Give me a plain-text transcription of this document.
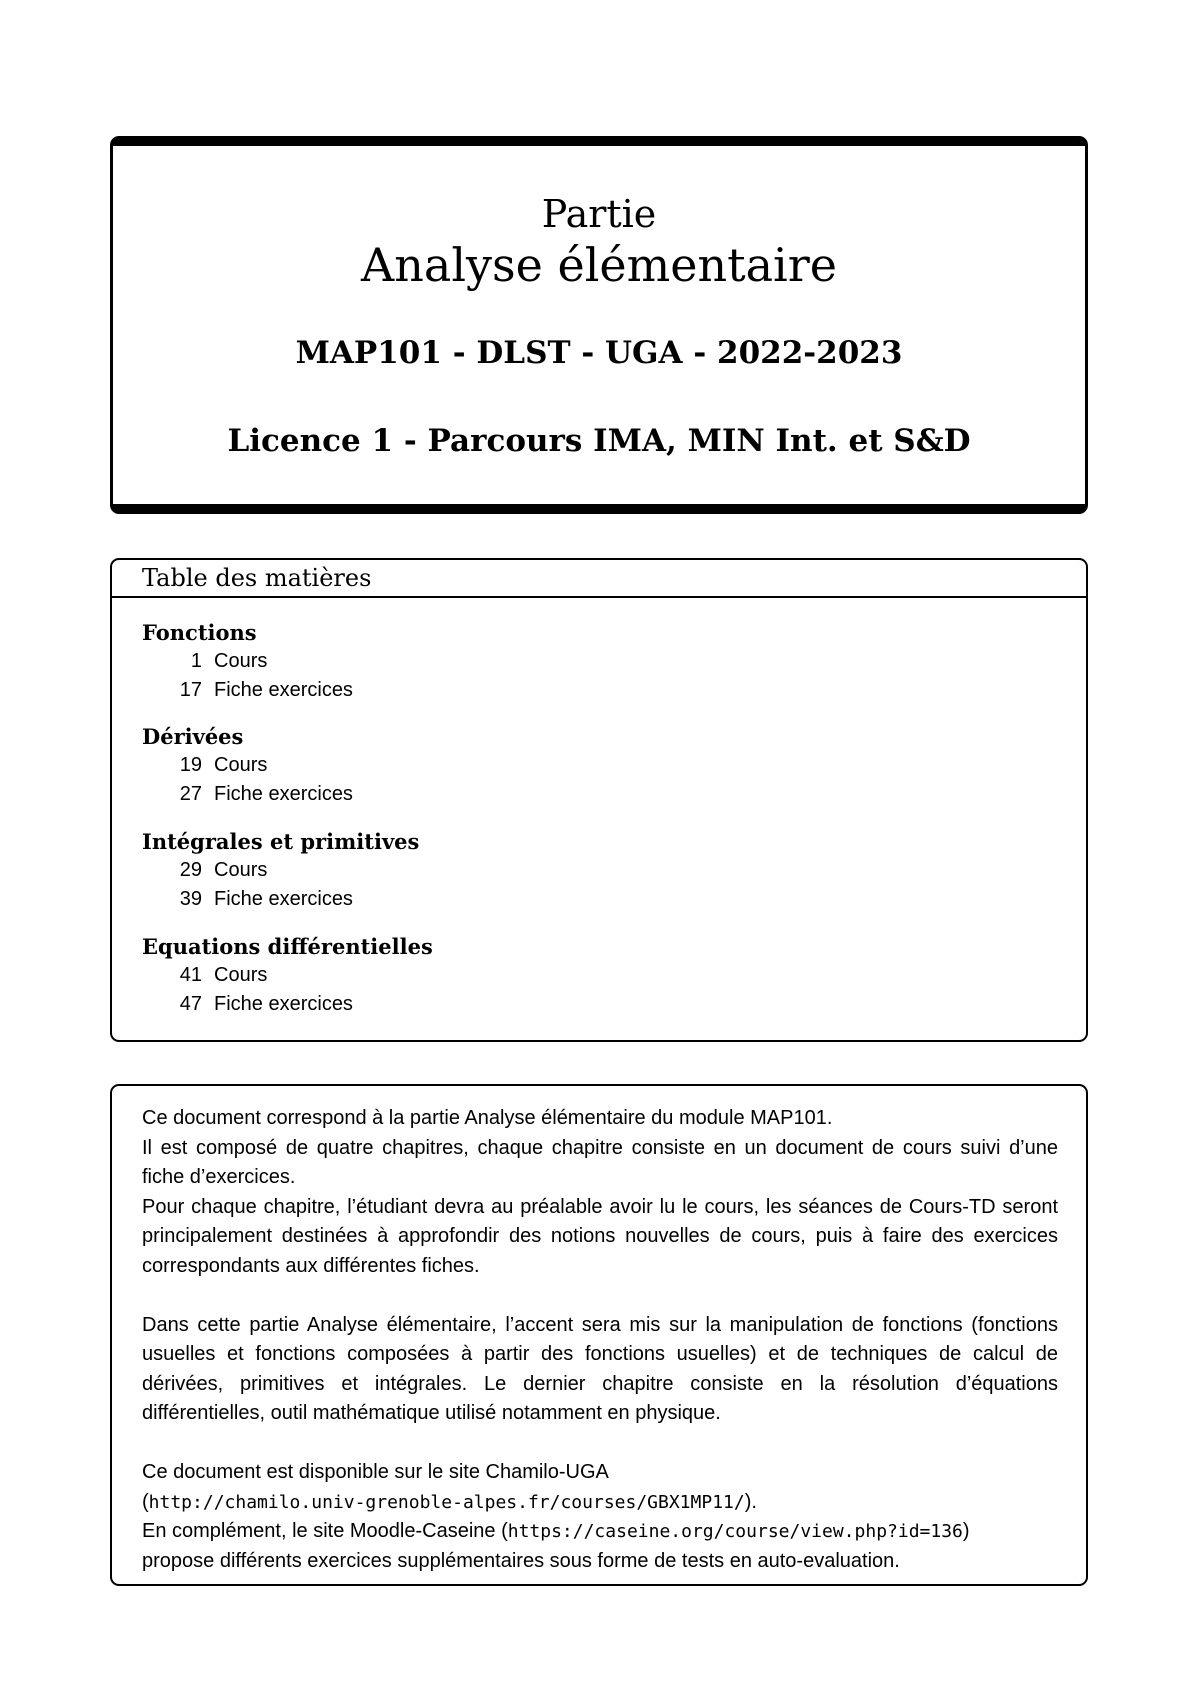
Partie
Analyse élémentaire
MAP101 - DLST - UGA - 2022-2023
Licence 1 - Parcours IMA, MIN Int. et S&D
Table des matières
Fonctions
1 Cours
17 Fiche exercices
Dérivées
19 Cours
27 Fiche exercices
Intégrales et primitives
29 Cours
39 Fiche exercices
Equations différentielles
41 Cours
47 Fiche exercices

Ce document correspond à la partie Analyse élémentaire du module MAP101.
Il est composé de quatre chapitres, chaque chapitre consiste en un document de cours suivi d’une fiche d’exercices.
Pour chaque chapitre, l’étudiant devra au préalable avoir lu le cours, les séances de Cours-TD seront principalement destinées à approfondir des notions nouvelles de cours, puis à faire des exercices correspondants aux différentes fiches.

Dans cette partie Analyse élémentaire, l’accent sera mis sur la manipulation de fonctions (fonctions usuelles et fonctions composées à partir des fonctions usuelles) et de techniques de calcul de dérivées, primitives et intégrales. Le dernier chapitre consiste en la résolution d’équations différentielles, outil mathématique utilisé notamment en physique.

Ce document est disponible sur le site Chamilo-UGA
(http://chamilo.univ-grenoble-alpes.fr/courses/GBX1MP11/).
En complément, le site Moodle-Caseine (https://caseine.org/course/view.php?id=136)
propose différents exercices supplémentaires sous forme de tests en auto-evaluation.
